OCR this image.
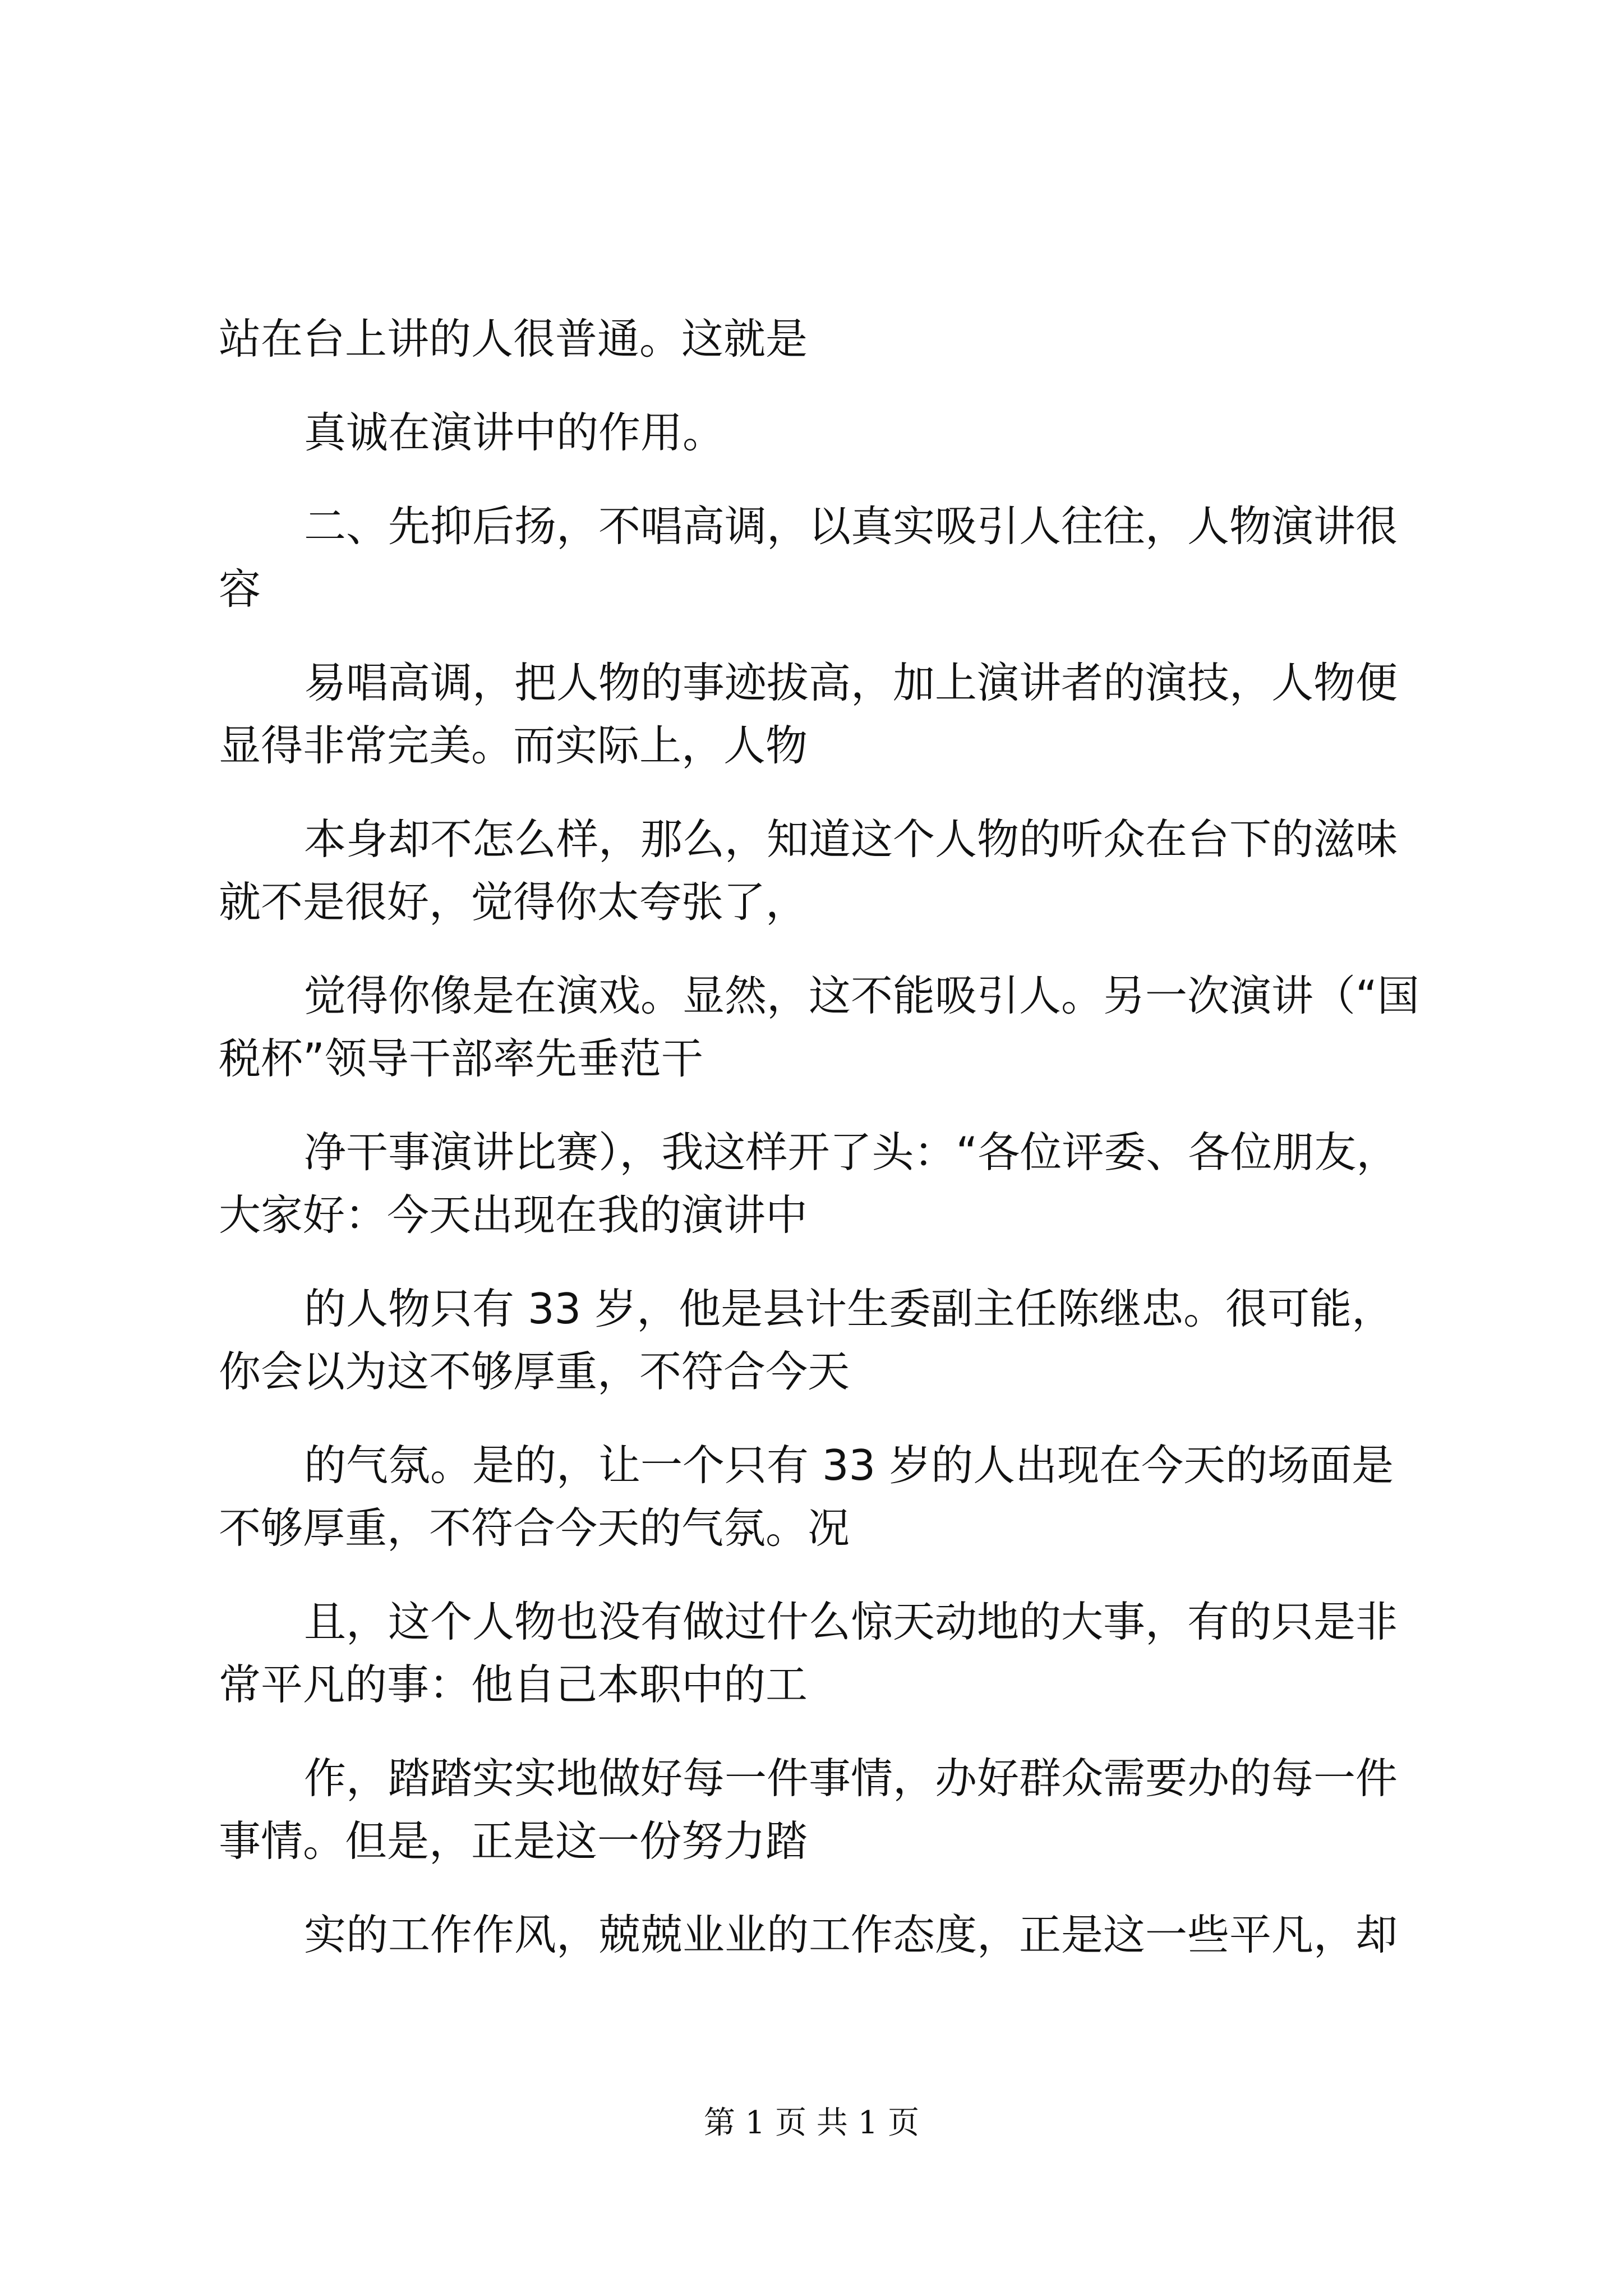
站在台上讲的人很普通。这就是
真诚在演讲中的作用。
二、先抑后扬，不唱高调，以真实吸引人往往，人物演讲很
容
易唱高调，把人物的事迹拔高，加上演讲者的演技，人物便
显得非常完美。而实际上，人物
本身却不怎么样，那么，知道这个人物的听众在台下的滋味
就不是很好，觉得你太夸张了，
觉得你像是在演戏。显然，这不能吸引人。另一次演讲（“国
税杯”领导干部率先垂范干
净干事演讲比赛），我这样开了头：“各位评委、各位朋友，
大家好：今天出现在我的演讲中
的人物只有 33 岁，他是县计生委副主任陈继忠。很可能，
你会以为这不够厚重，不符合今天
的气氛。是的，让一个只有 33 岁的人出现在今天的场面是
不够厚重，不符合今天的气氛。况
且，这个人物也没有做过什么惊天动地的大事，有的只是非
常平凡的事：他自己本职中的工
作，踏踏实实地做好每一件事情，办好群众需要办的每一件
事情。但是，正是这一份努力踏
实的工作作风，兢兢业业的工作态度，正是这一些平凡，却
第 1 页 共 1 页
